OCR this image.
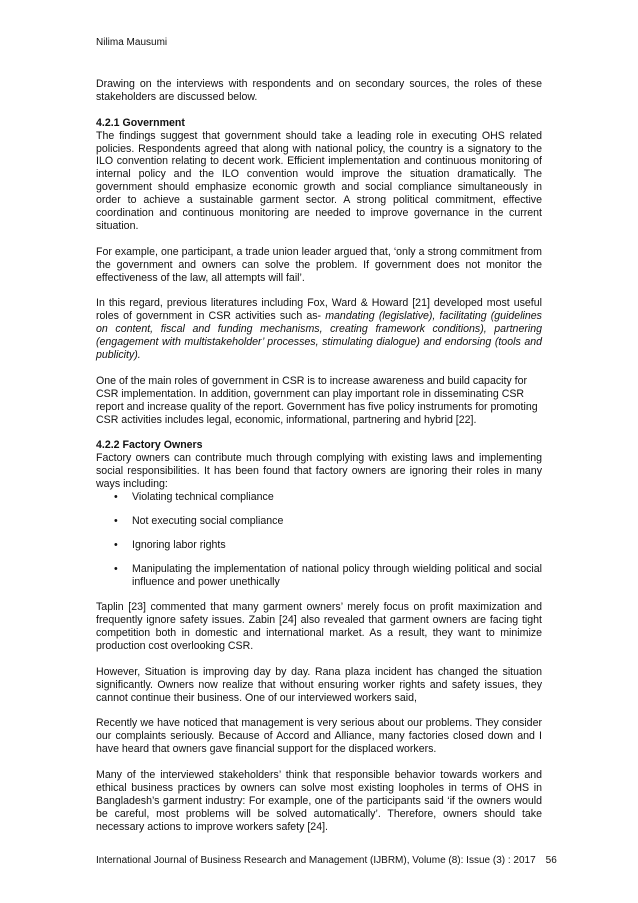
Nilima Mausumi

Drawing on the interviews with respondents and on secondary sources, the roles of these stakeholders are discussed below.

4.2.1 Government

The findings suggest that government should take a leading role in executing OHS related policies. Respondents agreed that along with national policy, the country is a signatory to the ILO convention relating to decent work. Efficient implementation and continuous monitoring of internal policy and the ILO convention would improve the situation dramatically. The government should emphasize economic growth and social compliance simultaneously in order to achieve a sustainable garment sector. A strong political commitment, effective coordination and continuous monitoring are needed to improve governance in the current situation.

For example, one participant, a trade union leader argued that, ‘only a strong commitment from the government and owners can solve the problem. If government does not monitor the effectiveness of the law, all attempts will fail’.

In this regard, previous literatures including Fox, Ward & Howard [21] developed most useful roles of government in CSR activities such as- mandating (legislative), facilitating (guidelines on content, fiscal and funding mechanisms, creating framework conditions), partnering (engagement with multistakeholder’ processes, stimulating dialogue) and endorsing (tools and publicity).

One of the main roles of government in CSR is to increase awareness and build capacity for CSR implementation. In addition, government can play important role in disseminating CSR report and increase quality of the report. Government has five policy instruments for promoting CSR activities includes legal, economic, informational, partnering and hybrid [22].

4.2.2 Factory Owners

Factory owners can contribute much through complying with existing laws and implementing social responsibilities. It has been found that factory owners are ignoring their roles in many ways including:

• Violating technical compliance
• Not executing social compliance
• Ignoring labor rights
• Manipulating the implementation of national policy through wielding political and social influence and power unethically

Taplin [23] commented that many garment owners’ merely focus on profit maximization and frequently ignore safety issues. Zabin [24] also revealed that garment owners are facing tight competition both in domestic and international market. As a result, they want to minimize production cost overlooking CSR.

However, Situation is improving day by day. Rana plaza incident has changed the situation significantly. Owners now realize that without ensuring worker rights and safety issues, they cannot continue their business. One of our interviewed workers said,

Recently we have noticed that management is very serious about our problems. They consider our complaints seriously. Because of Accord and Alliance, many factories closed down and I have heard that owners gave financial support for the displaced workers.

Many of the interviewed stakeholders’ think that responsible behavior towards workers and ethical business practices by owners can solve most existing loopholes in terms of OHS in Bangladesh’s garment industry: For example, one of the participants said ‘if the owners would be careful, most problems will be solved automatically’. Therefore, owners should take necessary actions to improve workers safety [24].

International Journal of Business Research and Management (IJBRM), Volume (8): Issue (3) : 2017 56
